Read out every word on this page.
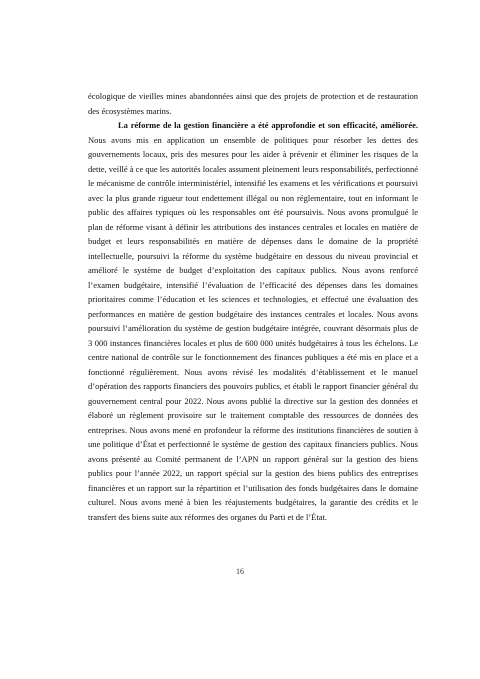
écologique de vieilles mines abandonnées ainsi que des projets de protection et de restauration des écosystèmes marins.

La réforme de la gestion financière a été approfondie et son efficacité, améliorée. Nous avons mis en application un ensemble de politiques pour résorber les dettes des gouvernements locaux, pris des mesures pour les aider à prévenir et éliminer les risques de la dette, veillé à ce que les autorités locales assument pleinement leurs responsabilités, perfectionné le mécanisme de contrôle interministériel, intensifié les examens et les vérifications et poursuivi avec la plus grande rigueur tout endettement illégal ou non réglementaire, tout en informant le public des affaires typiques où les responsables ont été poursuivis. Nous avons promulgué le plan de réforme visant à définir les attributions des instances centrales et locales en matière de budget et leurs responsabilités en matière de dépenses dans le domaine de la propriété intellectuelle, poursuivi la réforme du système budgétaire en dessous du niveau provincial et amélioré le système de budget d’exploitation des capitaux publics. Nous avons renforcé l’examen budgétaire, intensifié l’évaluation de l’efficacité des dépenses dans les domaines prioritaires comme l’éducation et les sciences et technologies, et effectué une évaluation des performances en matière de gestion budgétaire des instances centrales et locales. Nous avons poursuivi l’amélioration du système de gestion budgétaire intégrée, couvrant désormais plus de 3 000 instances financières locales et plus de 600 000 unités budgétaires à tous les échelons. Le centre national de contrôle sur le fonctionnement des finances publiques a été mis en place et a fonctionné régulièrement. Nous avons révisé les modalités d’établissement et le manuel d’opération des rapports financiers des pouvoirs publics, et établi le rapport financier général du gouvernement central pour 2022. Nous avons publié la directive sur la gestion des données et élaboré un règlement provisoire sur le traitement comptable des ressources de données des entreprises. Nous avons mené en profondeur la réforme des institutions financières de soutien à une politique d’État et perfectionné le système de gestion des capitaux financiers publics. Nous avons présenté au Comité permanent de l’APN un rapport général sur la gestion des biens publics pour l’année 2022, un rapport spécial sur la gestion des biens publics des entreprises financières et un rapport sur la répartition et l’utilisation des fonds budgétaires dans le domaine culturel. Nous avons mené à bien les réajustements budgétaires, la garantie des crédits et le transfert des biens suite aux réformes des organes du Parti et de l’État.

16
